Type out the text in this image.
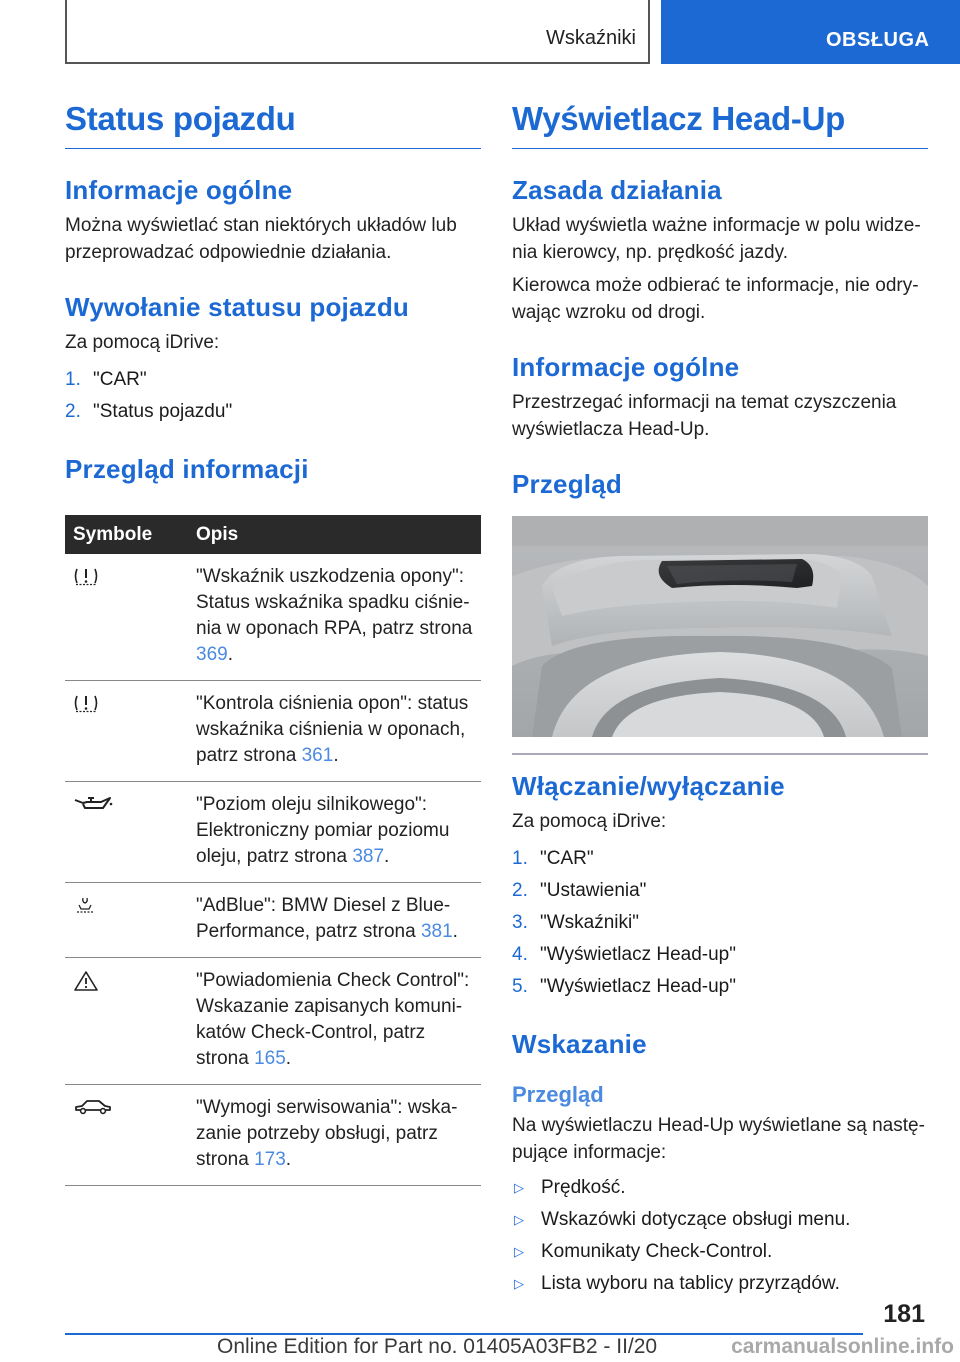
Wskaźniki	OBSŁUGA
Status pojazdu
Informacje ogólne

Można wyświetlać stan niektórych układów lub przeprowadzać odpowiednie działania.

Wywołanie statusu pojazdu

Za pomocą iDrive:

1. "CAR"
2. "Status pojazdu"
Przegląd informacji
Symbole	Opis

	"Wskaźnik uszkodzenia opony": Status wskaźnika spadku ciśnienia w oponach RPA, patrz strona 369.

	"Kontrola ciśnienia opon": status wskaźnika ciśnienia w oponach, patrz strona 361.

	"Poziom oleju silnikowego": Elektroniczny pomiar poziomu oleju, patrz strona 387.

	"AdBlue": BMW Diesel z BluePerformance, patrz strona 381.

	"Powiadomienia Check Control": Wskazanie zapisanych komunikatów Check-Control, patrz strona 165.

	"Wymogi serwisowania": wskazanie potrzeby obsługi, patrz strona 173.
Wyświetlacz Head-Up
Zasada działania

Układ wyświetla ważne informacje w polu widzenia kierowcy, np. prędkość jazdy.

Kierowca może odbierać te informacje, nie odrywając wzroku od drogi.

Informacje ogólne

Przestrzegać informacji na temat czyszczenia wyświetlacza Head-Up.

Przegląd
Włączanie/wyłączanie

Za pomocą iDrive:

1. "CAR"
2. "Ustawienia"
3. "Wskaźniki"
4. "Wyświetlacz Head-up"
5. "Wyświetlacz Head-up"
Wskazanie
Przegląd

Na wyświetlaczu Head-Up wyświetlane są następujące informacje:

▷ Prędkość.
▷ Wskazówki dotyczące obsługi menu.
▷ Komunikaty Check-Control.
▷ Lista wyboru na tablicy przyrządów.
181
Online Edition for Part no. 01405A03FB2 - II/20	carmanualsonline.info
